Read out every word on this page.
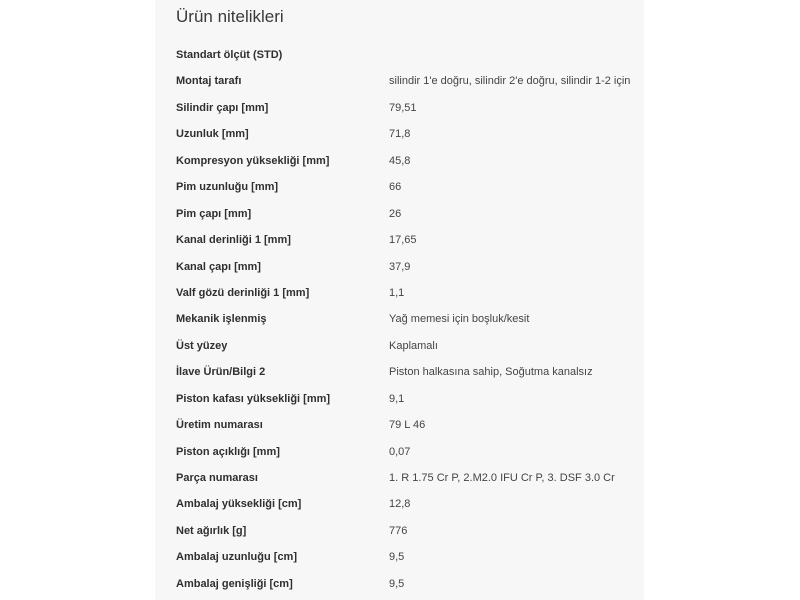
Ürün nitelikleri
Standart ölçüt (STD)
Montaj tarafı	silindir 1'e doğru, silindir 2'e doğru, silindir 1-2 için
Silindir çapı [mm]	79,51
Uzunluk [mm]	71,8
Kompresyon yüksekliği [mm]	45,8
Pim uzunluğu [mm]	66
Pim çapı [mm]	26
Kanal derinliği 1 [mm]	17,65
Kanal çapı [mm]	37,9
Valf gözü derinliği 1 [mm]	1,1
Mekanik işlenmiş	Yağ memesi için boşluk/kesit
Üst yüzey	Kaplamalı
İlave Ürün/Bilgi 2	Piston halkasına sahip, Soğutma kanalsız
Piston kafası yüksekliği [mm]	9,1
Üretim numarası	79 L 46
Piston açıklığı [mm]	0,07
Parça numarası	1. R 1.75 Cr P, 2.M2.0 IFU Cr P, 3. DSF 3.0 Cr
Ambalaj yüksekliği [cm]	12,8
Net ağırlık [g]	776
Ambalaj uzunluğu [cm]	9,5
Ambalaj genişliği [cm]	9,5
